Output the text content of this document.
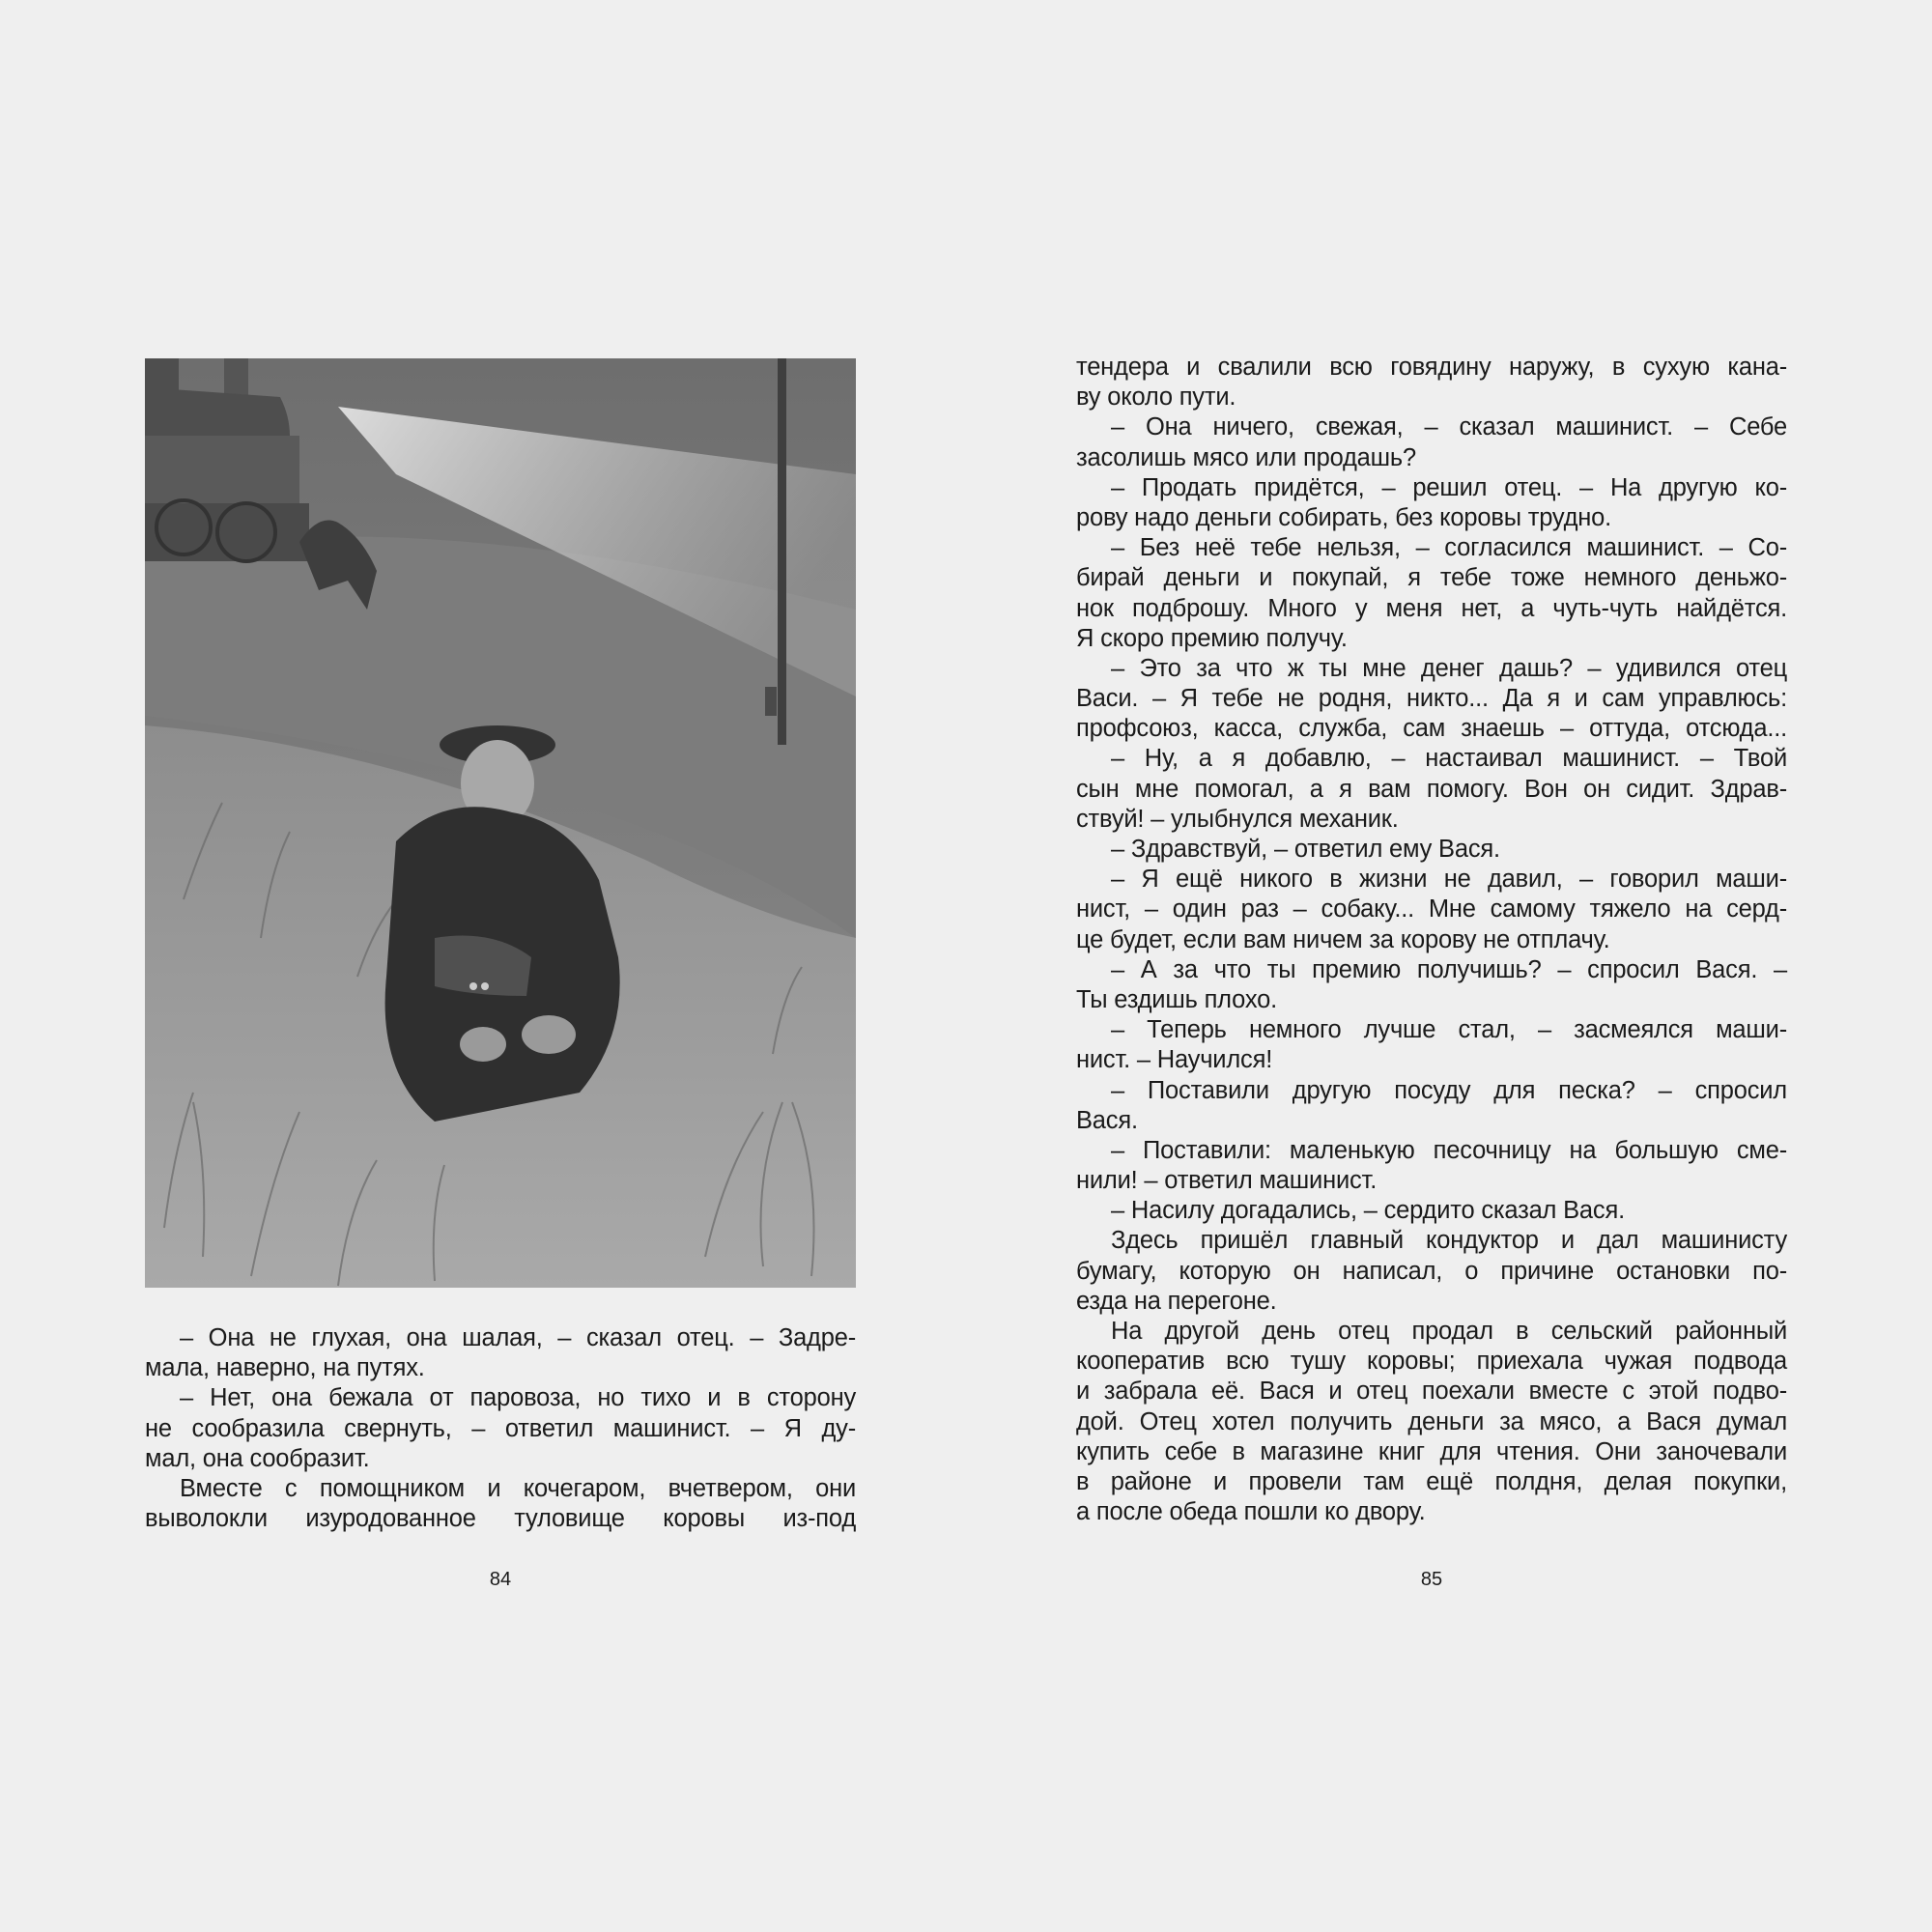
– Она не глухая, она шалая, – сказал отец. – Задре-
мала, наверно, на путях.
– Нет, она бежала от паровоза, но тихо и в сторону
не сообразила свернуть, – ответил машинист. – Я ду-
мал, она сообразит.
Вместе с помощником и кочегаром, вчетвером, они
выволокли изуродованное туловище коровы из-под
84
тендера и свалили всю говядину наружу, в сухую кана-
ву около пути.
– Она ничего, свежая, – сказал машинист. – Себе
засолишь мясо или продашь?
– Продать придётся, – решил отец. – На другую ко-
рову надо деньги собирать, без коровы трудно.
– Без неё тебе нельзя, – согласился машинист. – Со-
бирай деньги и покупай, я тебе тоже немного деньжо-
нок подброшу. Много у меня нет, а чуть-чуть найдётся.
Я скоро премию получу.
– Это за что ж ты мне денег дашь? – удивился отец
Васи. – Я тебе не родня, никто... Да я и сам управлюсь:
профсоюз, касса, служба, сам знаешь – оттуда, отсюда...
– Ну, а я добавлю, – настаивал машинист. – Твой
сын мне помогал, а я вам помогу. Вон он сидит. Здрав-
ствуй! – улыбнулся механик.
– Здравствуй, – ответил ему Вася.
– Я ещё никого в жизни не давил, – говорил маши-
нист, – один раз – собаку... Мне самому тяжело на серд-
це будет, если вам ничем за корову не отплачу.
– А за что ты премию получишь? – спросил Вася. –
Ты ездишь плохо.
– Теперь немного лучше стал, – засмеялся маши-
нист. – Научился!
– Поставили другую посуду для песка? – спросил
Вася.
– Поставили: маленькую песочницу на большую сме-
нили! – ответил машинист.
– Насилу догадались, – сердито сказал Вася.
Здесь пришёл главный кондуктор и дал машинисту
бумагу, которую он написал, о причине остановки по-
езда на перегоне.
На другой день отец продал в сельский районный
кооператив всю тушу коровы; приехала чужая подвода
и забрала её. Вася и отец поехали вместе с этой подво-
дой. Отец хотел получить деньги за мясо, а Вася думал
купить себе в магазине книг для чтения. Они заночевали
в районе и провели там ещё полдня, делая покупки,
а после обеда пошли ко двору.
85
